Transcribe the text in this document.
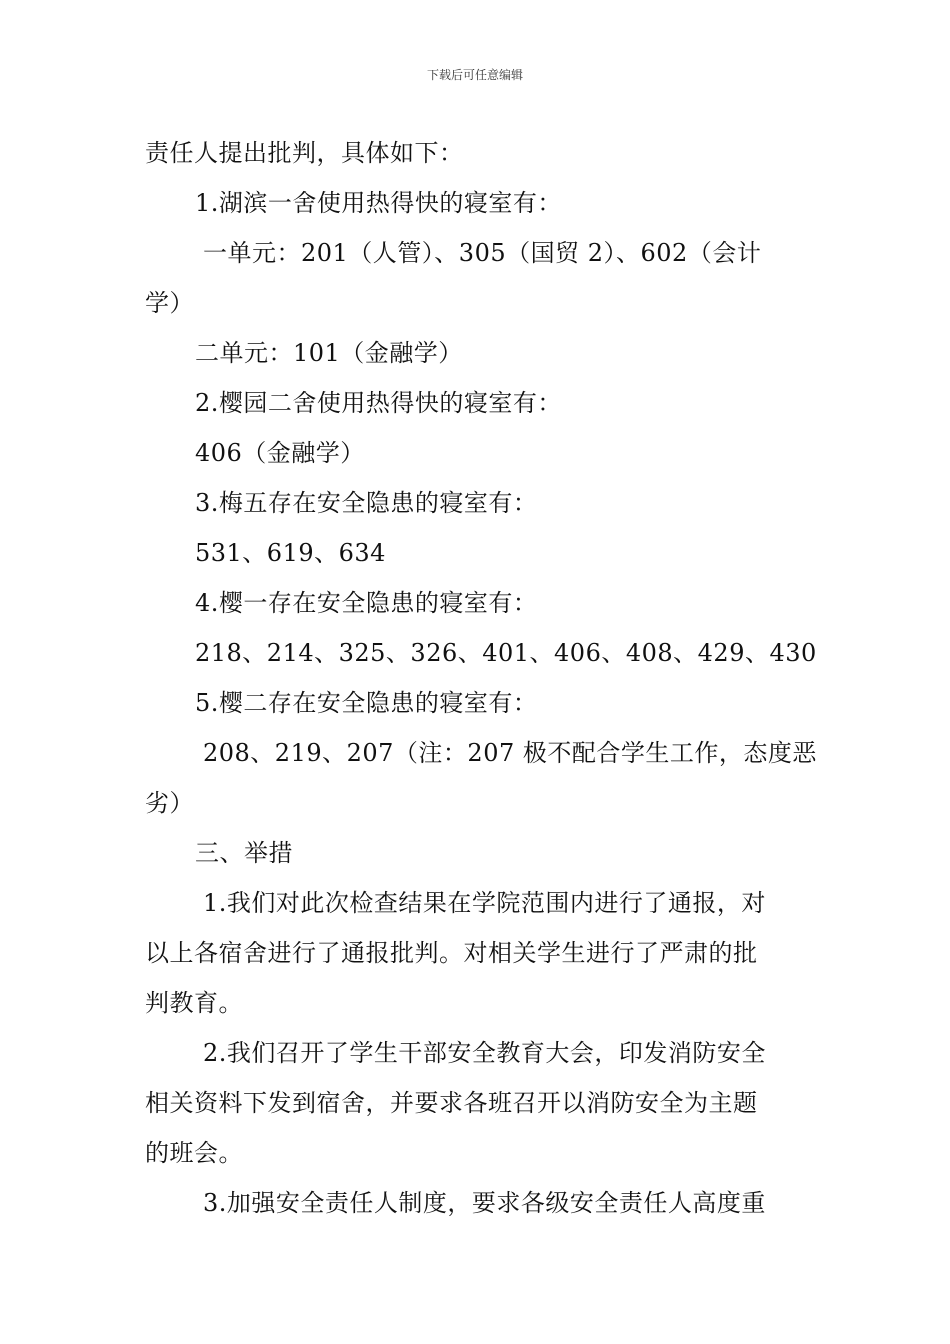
下载后可任意编辑
责任人提出批判，具体如下：
1.湖滨一舍使用热得快的寝室有：
一单元：201（人管）、305（国贸 2）、602（会计
学）
二单元：101（金融学）
2.樱园二舍使用热得快的寝室有：
406（金融学）
3.梅五存在安全隐患的寝室有：
531、619、634
4.樱一存在安全隐患的寝室有：
218、214、325、326、401、406、408、429、430
5.樱二存在安全隐患的寝室有：
208、219、207（注：207 极不配合学生工作，态度恶
劣）
三、举措
1.我们对此次检查结果在学院范围内进行了通报，对
以上各宿舍进行了通报批判。对相关学生进行了严肃的批
判教育。
2.我们召开了学生干部安全教育大会，印发消防安全
相关资料下发到宿舍，并要求各班召开以消防安全为主题
的班会。
3.加强安全责任人制度，要求各级安全责任人高度重
